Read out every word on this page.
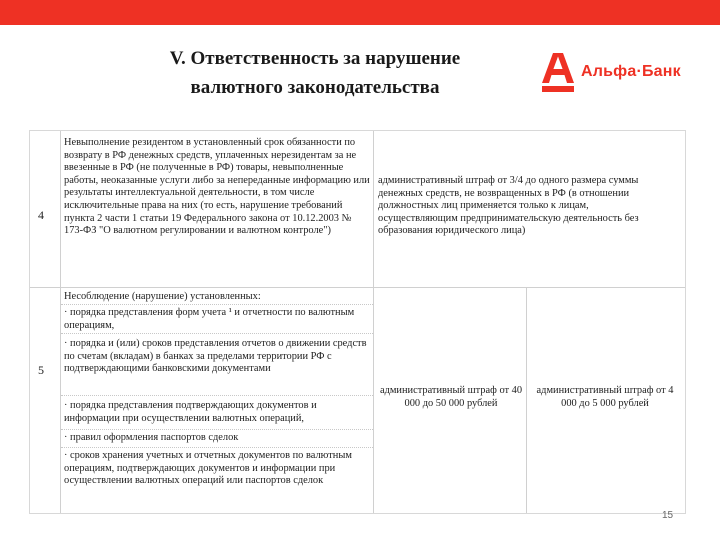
V. Ответственность за нарушение
валютного законодательства
Альфа·Банк
4
Невыполнение резидентом в установленный срок обязанности по возврату в РФ денежных средств, уплаченных нерезидентам за не ввезенные в РФ (не полученные в РФ) товары, невыполненные работы, неоказанные услуги либо за непереданные информацию или результаты интеллектуальной деятельности, в том числе исключительные права на них (то есть, нарушение требований пункта 2 части 1 статьи 19 Федерального закона от 10.12.2003 № 173-ФЗ "О валютном регулировании и валютном контроле")
административный штраф от 3/4 до одного размера суммы денежных средств, не возвращенных в РФ (в отношении должностных лиц применяется только к лицам, осуществляющим предпринимательскую деятельность без образования юридического лица)
5
Несоблюдение (нарушение) установленных:
· порядка представления форм учета ¹ и отчетности по валютным операциям,
· порядка и (или) сроков представления отчетов о движении средств по счетам (вкладам) в банках за пределами территории РФ с подтверждающими банковскими документами
· порядка представления подтверждающих документов и информации при осуществлении валютных операций,
· правил оформления паспортов сделок
· сроков хранения учетных и отчетных документов по валютным операциям, подтверждающих документов и информации при осуществлении валютных операций или паспортов сделок
административный штраф от 40 000 до 50 000 рублей
административный штраф от 4 000 до 5 000 рублей
15
